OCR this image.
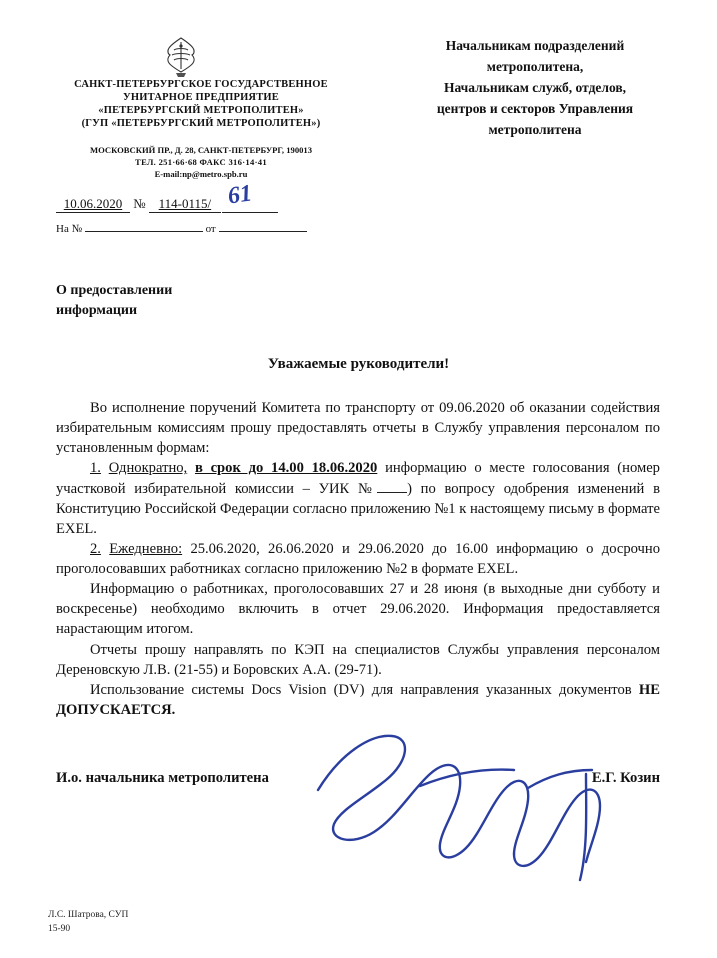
САНКТ-ПЕТЕРБУРГСКОЕ ГОСУДАРСТВЕННОЕ
УНИТАРНОЕ ПРЕДПРИЯТИЕ
«ПЕТЕРБУРГСКИЙ МЕТРОПОЛИТЕН»
(ГУП «ПЕТЕРБУРГСКИЙ МЕТРОПОЛИТЕН»)
МОСКОВСКИЙ ПР., Д. 28, САНКТ-ПЕТЕРБУРГ, 190013
ТЕЛ. 251·66·68 ФАКС 316·14·41
E-mail:np@metro.spb.ru
Начальникам подразделений
метрополитена,
Начальникам служб, отделов,
центров и секторов Управления
метрополитена
10.06.2020 № 114-0115/ 61
На №	от
О предоставлении
информации
Уважаемые руководители!

Во исполнение поручений Комитета по транспорту от 09.06.2020 об оказании содействия избирательным комиссиям прошу предоставлять отчеты в Службу управления персоналом по установленным формам:

1. Однократно, в срок до 14.00 18.06.2020 информацию о месте голосования (номер участковой избирательной комиссии – УИК № ) по вопросу одобрения изменений в Конституцию Российской Федерации согласно приложению №1 к настоящему письму в формате EXEL.

2. Ежедневно: 25.06.2020, 26.06.2020 и 29.06.2020 до 16.00 информацию о досрочно проголосовавших работниках согласно приложению №2 в формате EXEL.

Информацию о работниках, проголосовавших 27 и 28 июня (в выходные дни субботу и воскресенье) необходимо включить в отчет 29.06.2020. Информация предоставляется нарастающим итогом.

Отчеты прошу направлять по КЭП на специалистов Службы управления персоналом Дереновскую Л.В. (21-55) и Боровских А.А. (29-71).

Использование системы Docs Vision (DV) для направления указанных документов НЕ ДОПУСКАЕТСЯ.

И.о. начальника метрополитена	Е.Г. Козин
Л.С. Шатрова, СУП
15-90
